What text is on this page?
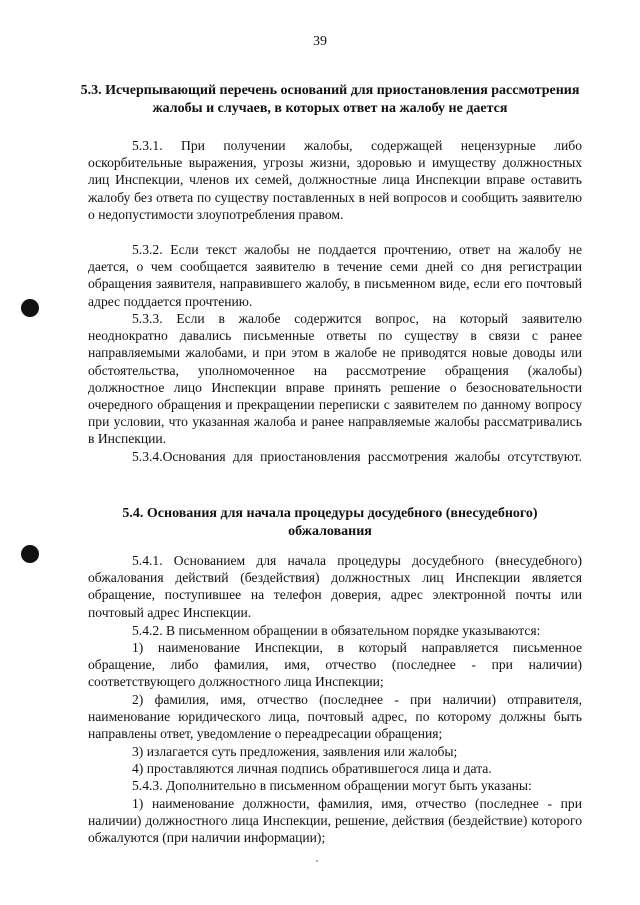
39
5.3. Исчерпывающий перечень оснований для приостановления рассмотрения жалобы и случаев, в которых ответ на жалобу не дается

5.3.1. При получении жалобы, содержащей нецензурные либо оскорбительные выражения, угрозы жизни, здоровью и имуществу должностных лиц Инспекции, членов их семей, должностные лица Инспекции вправе оставить жалобу без ответа по существу поставленных в ней вопросов и сообщить заявителю о недопустимости злоупотребления правом.

5.3.2. Если текст жалобы не поддается прочтению, ответ на жалобу не дается, о чем сообщается заявителю в течение семи дней со дня регистрации обращения заявителя, направившего жалобу, в письменном виде, если его почтовый адрес поддается прочтению.

5.3.3. Если в жалобе содержится вопрос, на который заявителю неоднократно давались письменные ответы по существу в связи с ранее направляемыми жалобами, и при этом в жалобе не приводятся новые доводы или обстоятельства, уполномоченное на рассмотрение обращения (жалобы) должностное лицо Инспекции вправе принять решение о безосновательности очередного обращения и прекращении переписки с заявителем по данному вопросу при условии, что указанная жалоба и ранее направляемые жалобы рассматривались в Инспекции.

5.3.4.Основания для приостановления рассмотрения жалобы отсутствуют.

5.4. Основания для начала процедуры досудебного (внесудебного) обжалования

5.4.1. Основанием для начала процедуры досудебного (внесудебного) обжалования действий (бездействия) должностных лиц Инспекции является обращение, поступившее на телефон доверия, адрес электронной почты или почтовый адрес Инспекции.

5.4.2. В письменном обращении в обязательном порядке указываются:

1) наименование Инспекции, в который направляется письменное обращение, либо фамилия, имя, отчество (последнее - при наличии) соответствующего должностного лица Инспекции;

2) фамилия, имя, отчество (последнее - при наличии) отправителя, наименование юридического лица, почтовый адрес, по которому должны быть направлены ответ, уведомление о переадресации обращения;

3) излагается суть предложения, заявления или жалобы;

4) проставляются личная подпись обратившегося лица и дата.

5.4.3. Дополнительно в письменном обращении могут быть указаны:

1) наименование должности, фамилия, имя, отчество (последнее - при наличии) должностного лица Инспекции, решение, действия (бездействие) которого обжалуются (при наличии информации);
